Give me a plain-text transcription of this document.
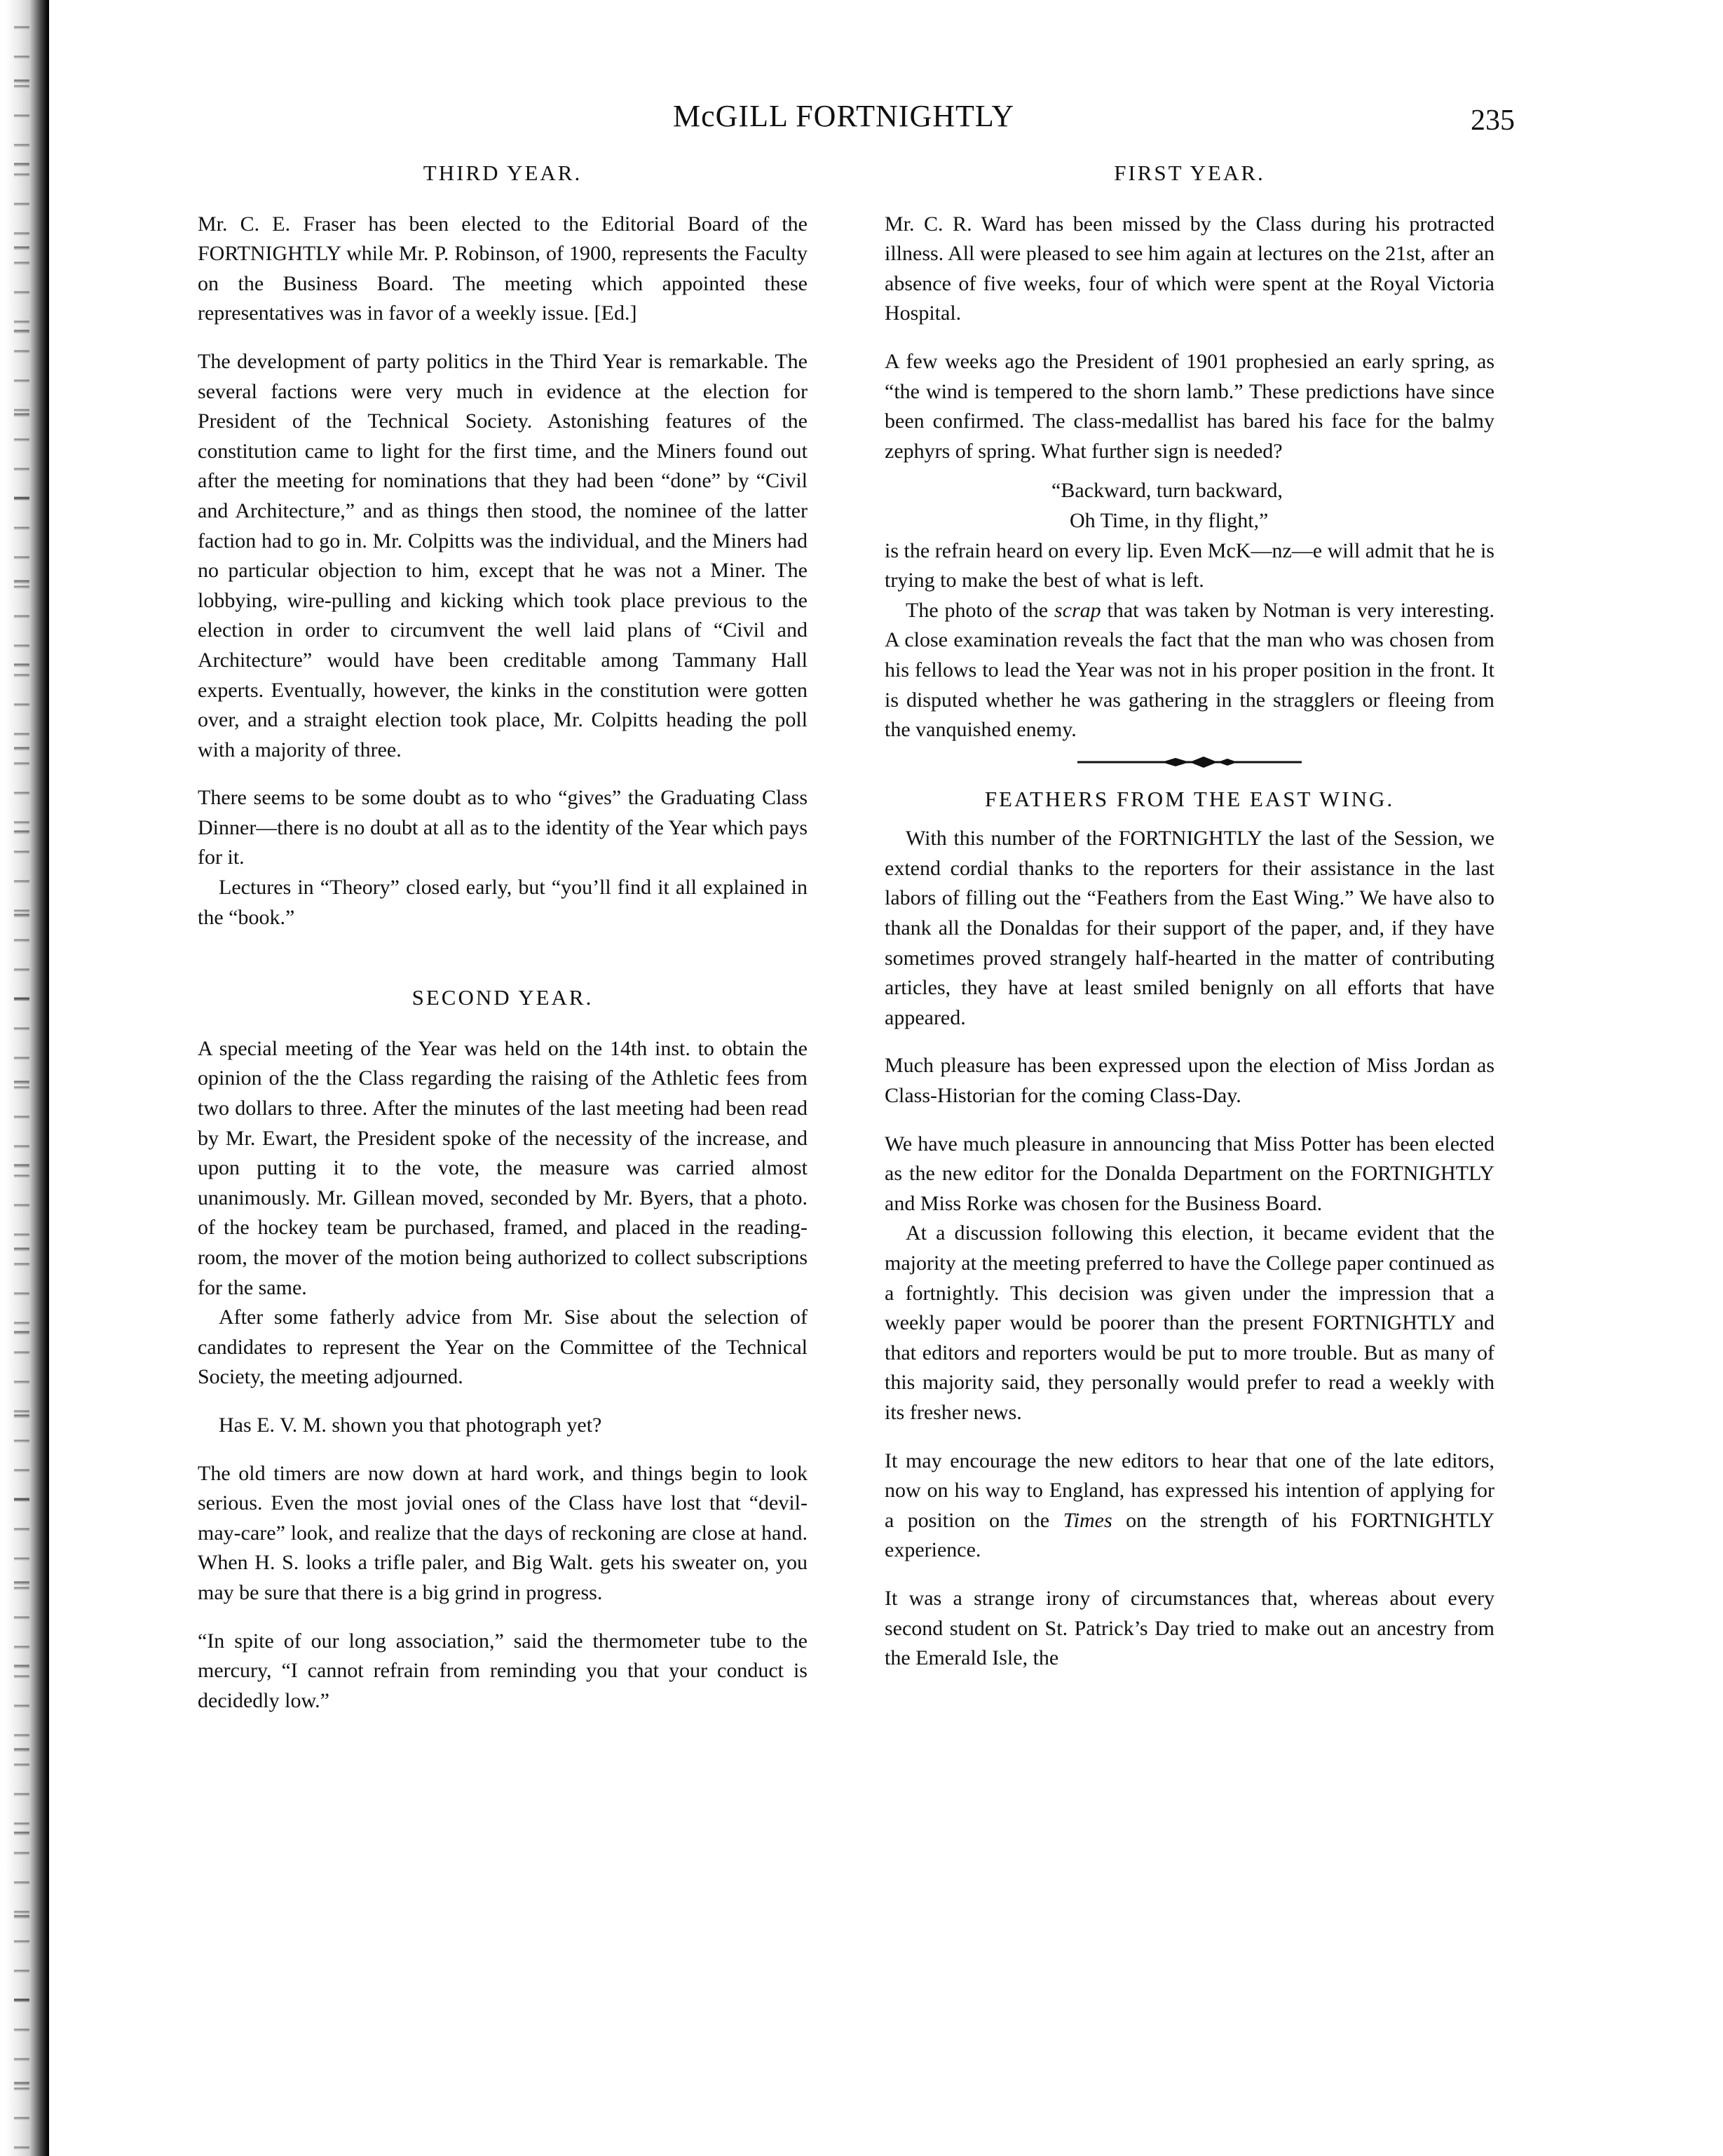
McGILL FORTNIGHTLY	235
THIRD YEAR.

Mr. C. E. Fraser has been elected to the Editorial Board of the FORTNIGHTLY while Mr. P. Robinson, of 1900, represents the Faculty on the Business Board. The meeting which appointed these representatives was in favor of a weekly issue. [Ed.]

The development of party politics in the Third Year is remarkable. The several factions were very much in evidence at the election for President of the Technical Society. Astonishing features of the constitution came to light for the first time, and the Miners found out after the meeting for nominations that they had been “done” by “Civil and Architecture,” and as things then stood, the nominee of the latter faction had to go in. Mr. Colpitts was the individual, and the Miners had no particular objection to him, except that he was not a Miner. The lobbying, wire-pulling and kicking which took place previous to the election in order to circumvent the well laid plans of “Civil and Architecture” would have been creditable among Tammany Hall experts. Eventually, however, the kinks in the constitution were gotten over, and a straight election took place, Mr. Colpitts heading the poll with a majority of three.

There seems to be some doubt as to who “gives” the Graduating Class Dinner—there is no doubt at all as to the identity of the Year which pays for it.

Lectures in “Theory” closed early, but “you’ll find it all explained in the “book.”

SECOND YEAR.

A special meeting of the Year was held on the 14th inst. to obtain the opinion of the the Class regarding the raising of the Athletic fees from two dollars to three. After the minutes of the last meeting had been read by Mr. Ewart, the President spoke of the necessity of the increase, and upon putting it to the vote, the measure was carried almost unanimously. Mr. Gillean moved, seconded by Mr. Byers, that a photo. of the hockey team be purchased, framed, and placed in the reading-room, the mover of the motion being authorized to collect subscriptions for the same.

After some fatherly advice from Mr. Sise about the selection of candidates to represent the Year on the Committee of the Technical Society, the meeting adjourned.

Has E. V. M. shown you that photograph yet?

The old timers are now down at hard work, and things begin to look serious. Even the most jovial ones of the Class have lost that “devil-may-care” look, and realize that the days of reckoning are close at hand. When H. S. looks a trifle paler, and Big Walt. gets his sweater on, you may be sure that there is a big grind in progress.

“In spite of our long association,” said the thermometer tube to the mercury, “I cannot refrain from reminding you that your conduct is decidedly low.”

FIRST YEAR.

Mr. C. R. Ward has been missed by the Class during his protracted illness. All were pleased to see him again at lectures on the 21st, after an absence of five weeks, four of which were spent at the Royal Victoria Hospital.

A few weeks ago the President of 1901 prophesied an early spring, as “the wind is tempered to the shorn lamb.” These predictions have since been confirmed. The class-medallist has bared his face for the balmy zephyrs of spring. What further sign is needed?

“Backward, turn backward,
Oh Time, in thy flight,”

is the refrain heard on every lip. Even McK—nz—e will admit that he is trying to make the best of what is left.

The photo of the scrap that was taken by Notman is very interesting. A close examination reveals the fact that the man who was chosen from his fellows to lead the Year was not in his proper position in the front. It is disputed whether he was gathering in the stragglers or fleeing from the vanquished enemy.

FEATHERS FROM THE EAST WING.

With this number of the FORTNIGHTLY the last of the Session, we extend cordial thanks to the reporters for their assistance in the last labors of filling out the “Feathers from the East Wing.” We have also to thank all the Donaldas for their support of the paper, and, if they have sometimes proved strangely half-hearted in the matter of contributing articles, they have at least smiled benignly on all efforts that have appeared.

Much pleasure has been expressed upon the election of Miss Jordan as Class-Historian for the coming Class-Day.

We have much pleasure in announcing that Miss Potter has been elected as the new editor for the Donalda Department on the FORTNIGHTLY and Miss Rorke was chosen for the Business Board.

At a discussion following this election, it became evident that the majority at the meeting preferred to have the College paper continued as a fortnightly. This decision was given under the impression that a weekly paper would be poorer than the present FORTNIGHTLY and that editors and reporters would be put to more trouble. But as many of this majority said, they personally would prefer to read a weekly with its fresher news.

It may encourage the new editors to hear that one of the late editors, now on his way to England, has expressed his intention of applying for a position on the Times on the strength of his FORTNIGHTLY experience.

It was a strange irony of circumstances that, whereas about every second student on St. Patrick’s Day tried to make out an ancestry from the Emerald Isle, the
